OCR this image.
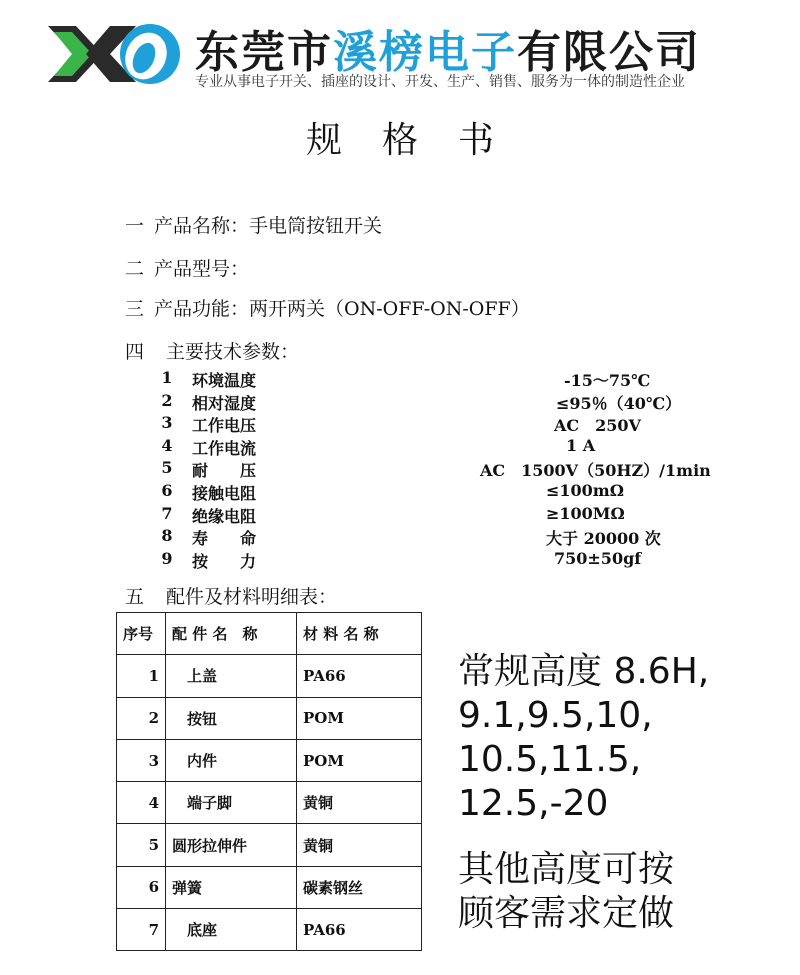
东莞市溪榜电子有限公司
专业从事电子开关、插座的设计、开发、生产、销售、服务为一体的制造性企业
规格书
一 产品名称：手电筒按钮开关
二 产品型号：
三 产品功能：两开两关（ON-OFF-ON-OFF）
四 主要技术参数：
1 环境温度	-15～75℃
2 相对湿度	≤95％（40℃）
3 工作电压	AC　250V
4 工作电流	1 A
5 耐　　压	AC　1500V（50HZ）/1min
6 接触电阻	≤100mΩ
7 绝缘电阻	≥100MΩ
8 寿　　命	大于 20000 次
9 按　　力	750±50gf
五 配件及材料明细表：
序号	配 件 名　称	材 料 名 称
1	　上盖	PA66
2	　按钮	POM
3	　内件	POM
4	　端子脚	黄铜
5	圆形拉伸件	黄铜
6	弹簧	碳素钢丝
7	　底座	PA66
常规高度 8.6H,
9.1,9.5,10,
10.5,11.5,
12.5,-20
其他高度可按
顾客需求定做
